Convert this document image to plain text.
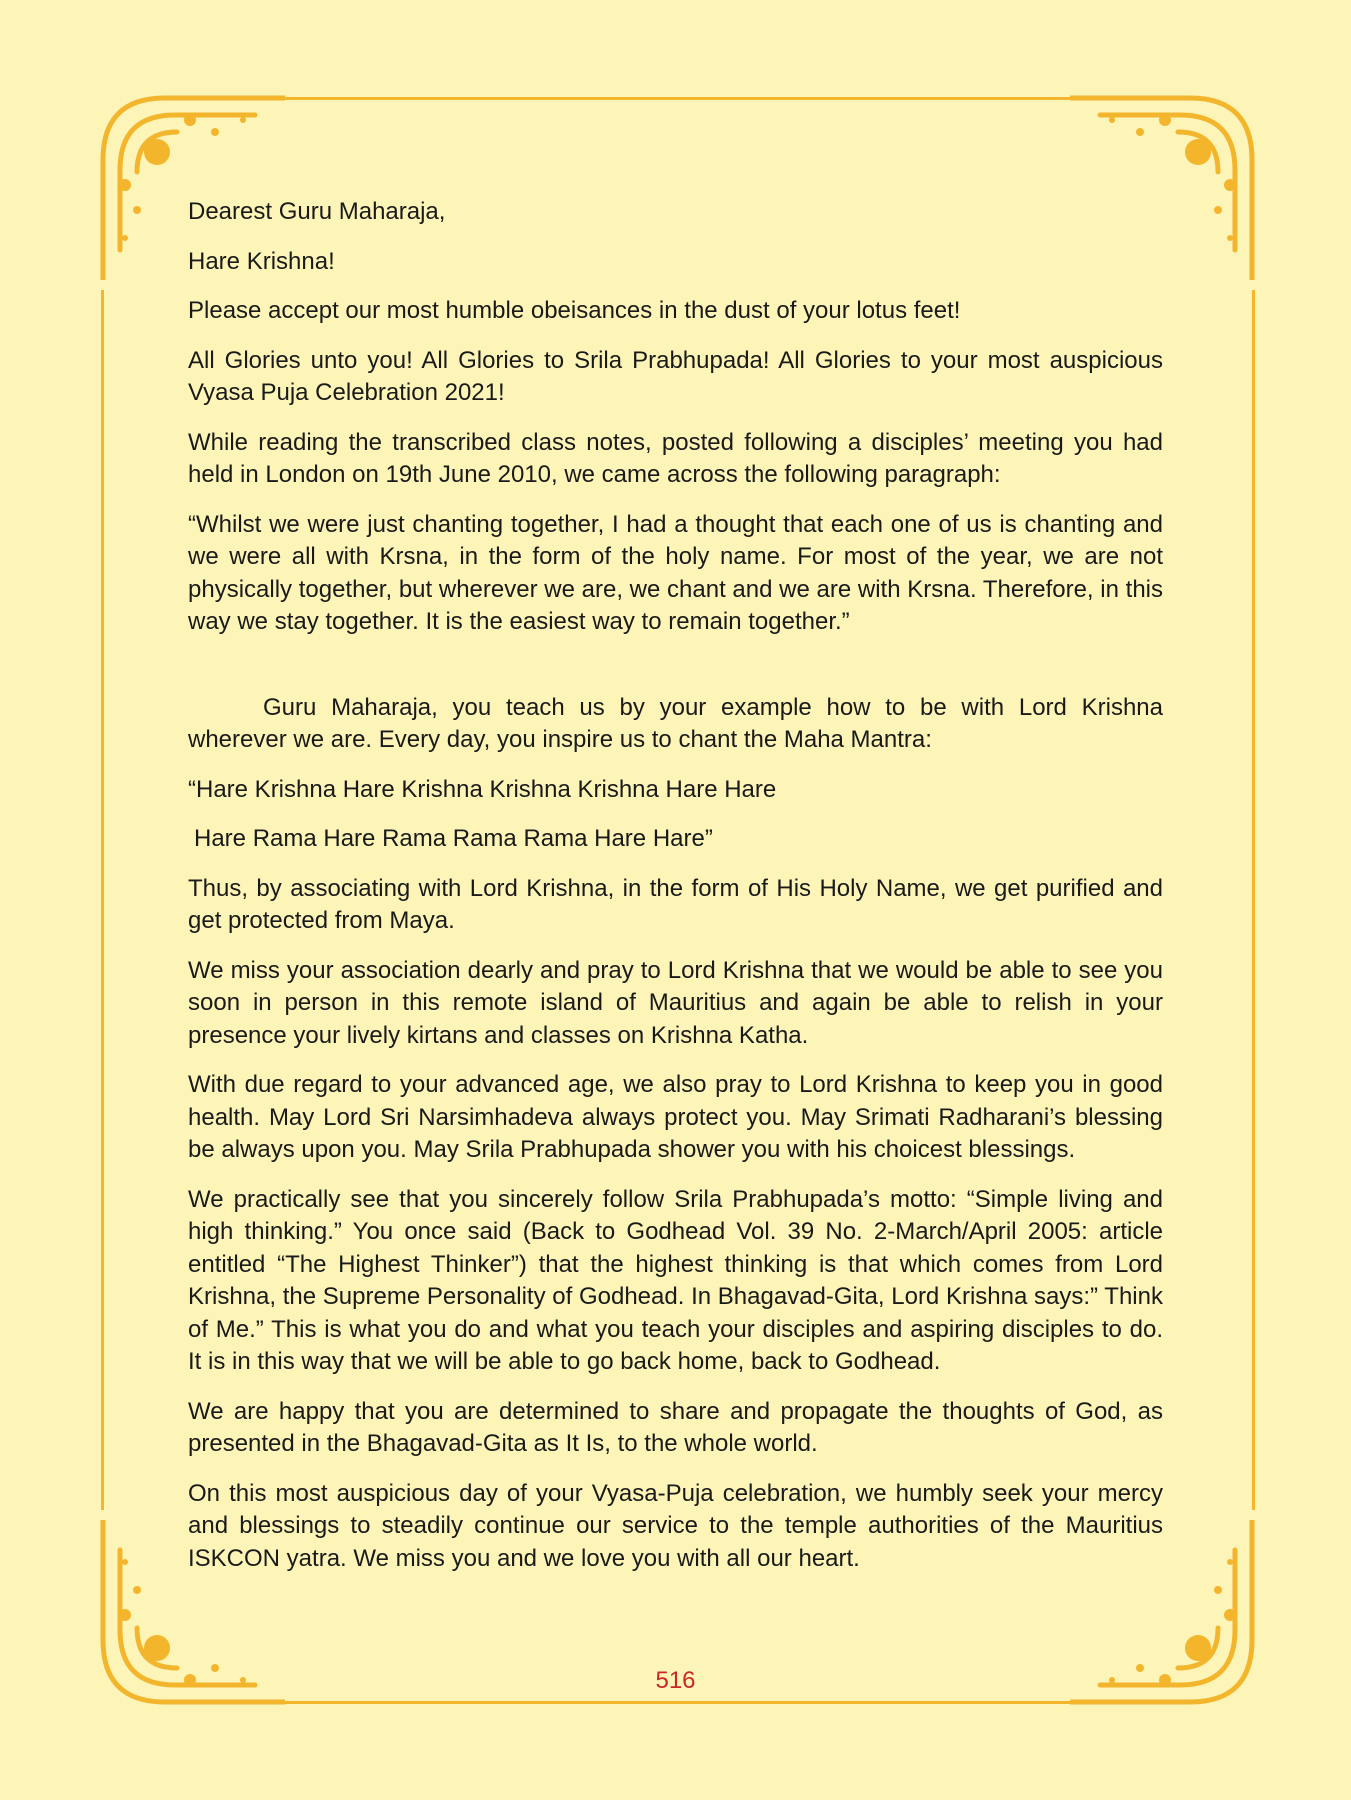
Dearest Guru Maharaja,

Hare Krishna!

Please accept our most humble obeisances in the dust of your lotus feet!

All Glories unto you! All Glories to Srila Prabhupada! All Glories to your most auspicious Vyasa Puja Celebration 2021!

While reading the transcribed class notes, posted following a disciples’ meeting you had held in London on 19th June 2010, we came across the following paragraph:

“Whilst we were just chanting together, I had a thought that each one of us is chanting and we were all with Krsna, in the form of the holy name. For most of the year, we are not physically together, but wherever we are, we chant and we are with Krsna. Therefore, in this way we stay together. It is the easiest way to remain together.”

Guru Maharaja, you teach us by your example how to be with Lord Krishna wherever we are. Every day, you inspire us to chant the Maha Mantra:

“Hare Krishna Hare Krishna Krishna Krishna Hare Hare

Hare Rama Hare Rama Rama Rama Hare Hare”

Thus, by associating with Lord Krishna, in the form of His Holy Name, we get purified and get protected from Maya.

We miss your association dearly and pray to Lord Krishna that we would be able to see you soon in person in this remote island of Mauritius and again be able to relish in your presence your lively kirtans and classes on Krishna Katha.

With due regard to your advanced age, we also pray to Lord Krishna to keep you in good health. May Lord Sri Narsimhadeva always protect you. May Srimati Radharani’s blessing be always upon you. May Srila Prabhupada shower you with his choicest blessings.

We practically see that you sincerely follow Srila Prabhupada’s motto: “Simple living and high thinking.” You once said (Back to Godhead Vol. 39 No. 2-March/April 2005: article entitled “The Highest Thinker”) that the highest thinking is that which comes from Lord Krishna, the Supreme Personality of Godhead. In Bhagavad-Gita, Lord Krishna says:” Think of Me.” This is what you do and what you teach your disciples and aspiring disciples to do. It is in this way that we will be able to go back home, back to Godhead.

We are happy that you are determined to share and propagate the thoughts of God, as presented in the Bhagavad-Gita as It Is, to the whole world.

On this most auspicious day of your Vyasa-Puja celebration, we humbly seek your mercy and blessings to steadily continue our service to the temple authorities of the Mauritius ISKCON yatra. We miss you and we love you with all our heart.

516
